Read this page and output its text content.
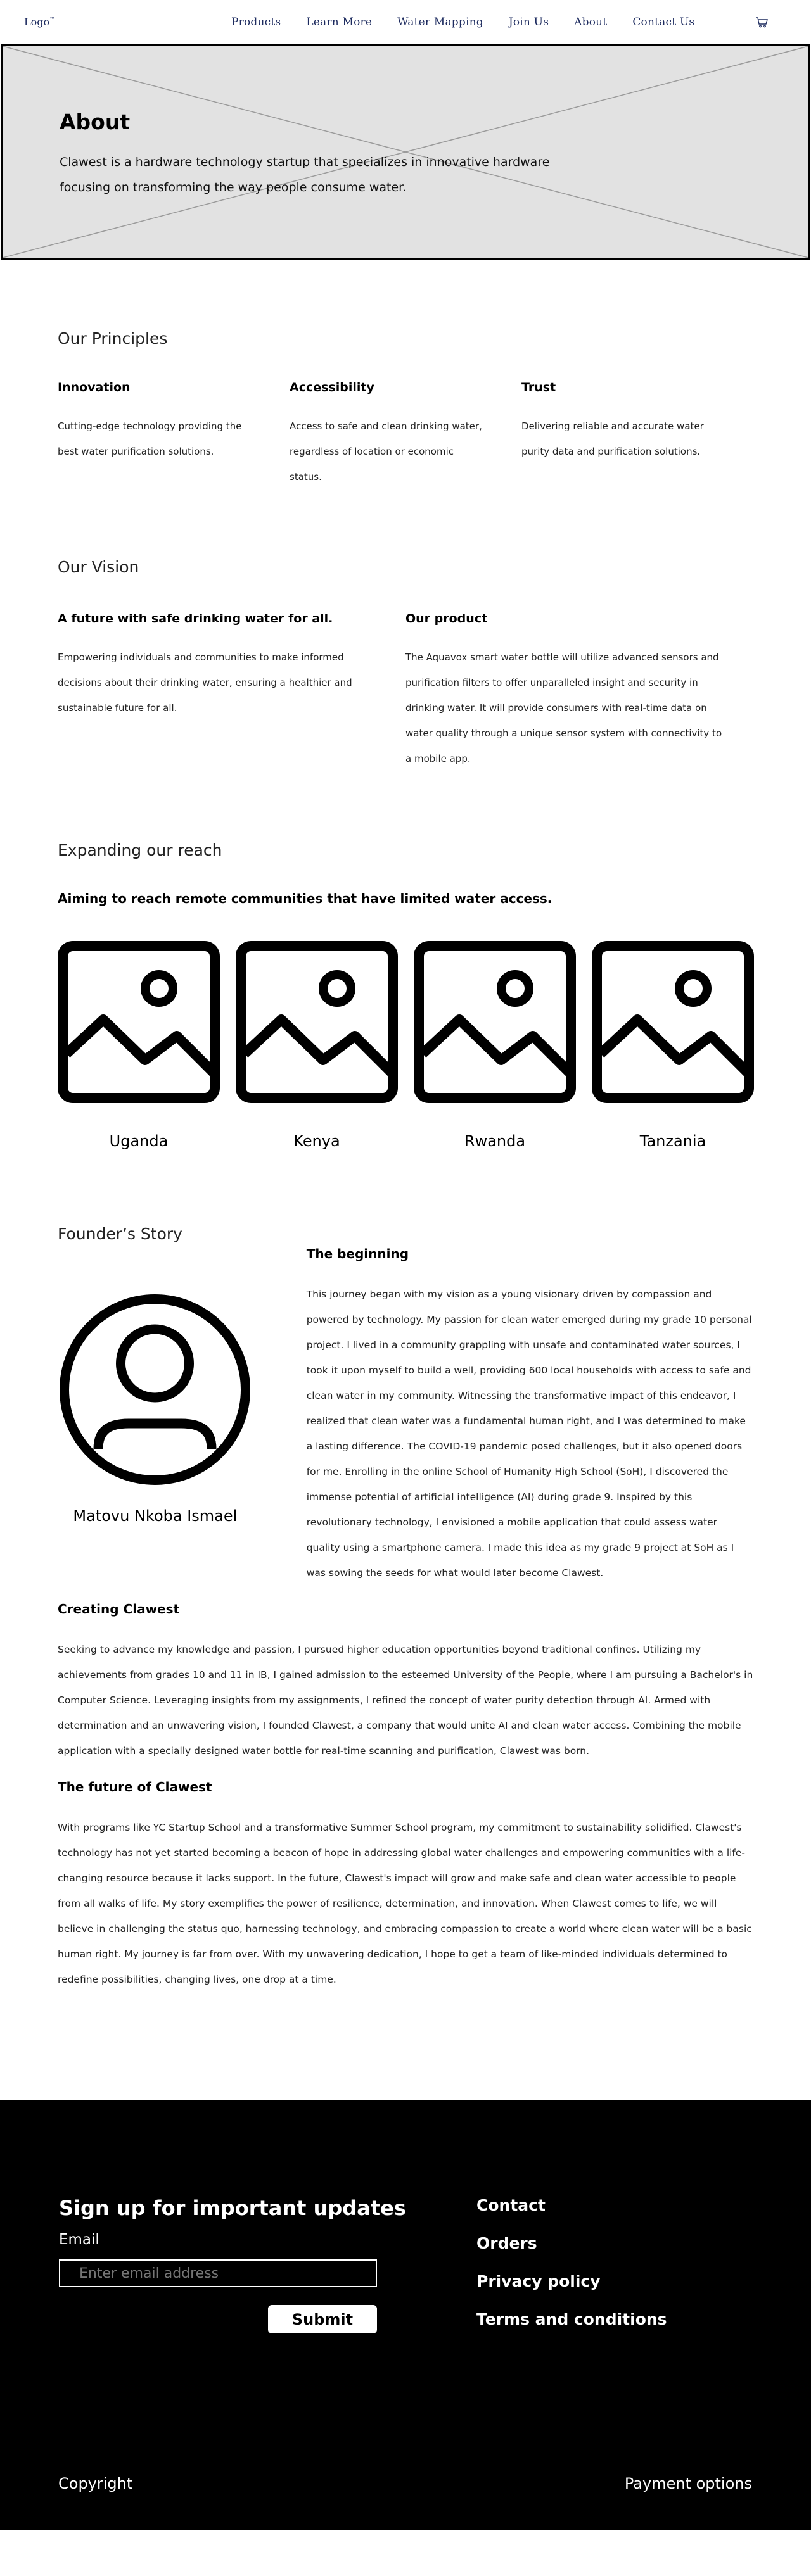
Logo™	Products Learn More Water Mapping Join Us About Contact Us
About

Clawest is a hardware technology startup that specializes in innovative hardware focusing on transforming the way people consume water.

Our Principles
Innovation
Cutting-edge technology providing the best water purification solutions.
Accessibility
Access to safe and clean drinking water, regardless of location or economic status.
Trust
Delivering reliable and accurate water purity data and purification solutions.
Our Vision
A future with safe drinking water for all.
Empowering individuals and communities to make informed decisions about their drinking water, ensuring a healthier and sustainable future for all.
Our product
The Aquavox smart water bottle will utilize advanced sensors and purification filters to offer unparalleled insight and security in drinking water. It will provide consumers with real-time data on water quality through a unique sensor system with connectivity to a mobile app.
Expanding our reach
Aiming to reach remote communities that have limited water access.
Uganda	Kenya	Rwanda	Tanzania
Founder’s Story
Matovu Nkoba Ismael
The beginning
This journey began with my vision as a young visionary driven by compassion and powered by technology. My passion for clean water emerged during my grade 10 personal project. I lived in a community grappling with unsafe and contaminated water sources, I took it upon myself to build a well, providing 600 local households with access to safe and clean water in my community. Witnessing the transformative impact of this endeavor, I realized that clean water was a fundamental human right, and I was determined to make a lasting difference. The COVID-19 pandemic posed challenges, but it also opened doors for me. Enrolling in the online School of Humanity High School (SoH), I discovered the immense potential of artificial intelligence (AI) during grade 9. Inspired by this revolutionary technology, I envisioned a mobile application that could assess water quality using a smartphone camera. I made this idea as my grade 9 project at SoH as I was sowing the seeds for what would later become Clawest.
Creating Clawest
Seeking to advance my knowledge and passion, I pursued higher education opportunities beyond traditional confines. Utilizing my achievements from grades 10 and 11 in IB, I gained admission to the esteemed University of the People, where I am pursuing a Bachelor's in Computer Science. Leveraging insights from my assignments, I refined the concept of water purity detection through AI. Armed with determination and an unwavering vision, I founded Clawest, a company that would unite AI and clean water access. Combining the mobile application with a specially designed water bottle for real-time scanning and purification, Clawest was born.
The future of Clawest
With programs like YC Startup School and a transformative Summer School program, my commitment to sustainability solidified. Clawest's technology has not yet started becoming a beacon of hope in addressing global water challenges and empowering communities with a life-changing resource because it lacks support. In the future, Clawest's impact will grow and make safe and clean water accessible to people from all walks of life. My story exemplifies the power of resilience, determination, and innovation. When Clawest comes to life, we will believe in challenging the status quo, harnessing technology, and embracing compassion to create a world where clean water will be a basic human right. My journey is far from over. With my unwavering dedication, I hope to get a team of like-minded individuals determined to redefine possibilities, changing lives, one drop at a time.
Sign up for important updates
Email
Enter email address
Submit
Contact
Orders
Privacy policy
Terms and conditions
Copyright	Payment options
